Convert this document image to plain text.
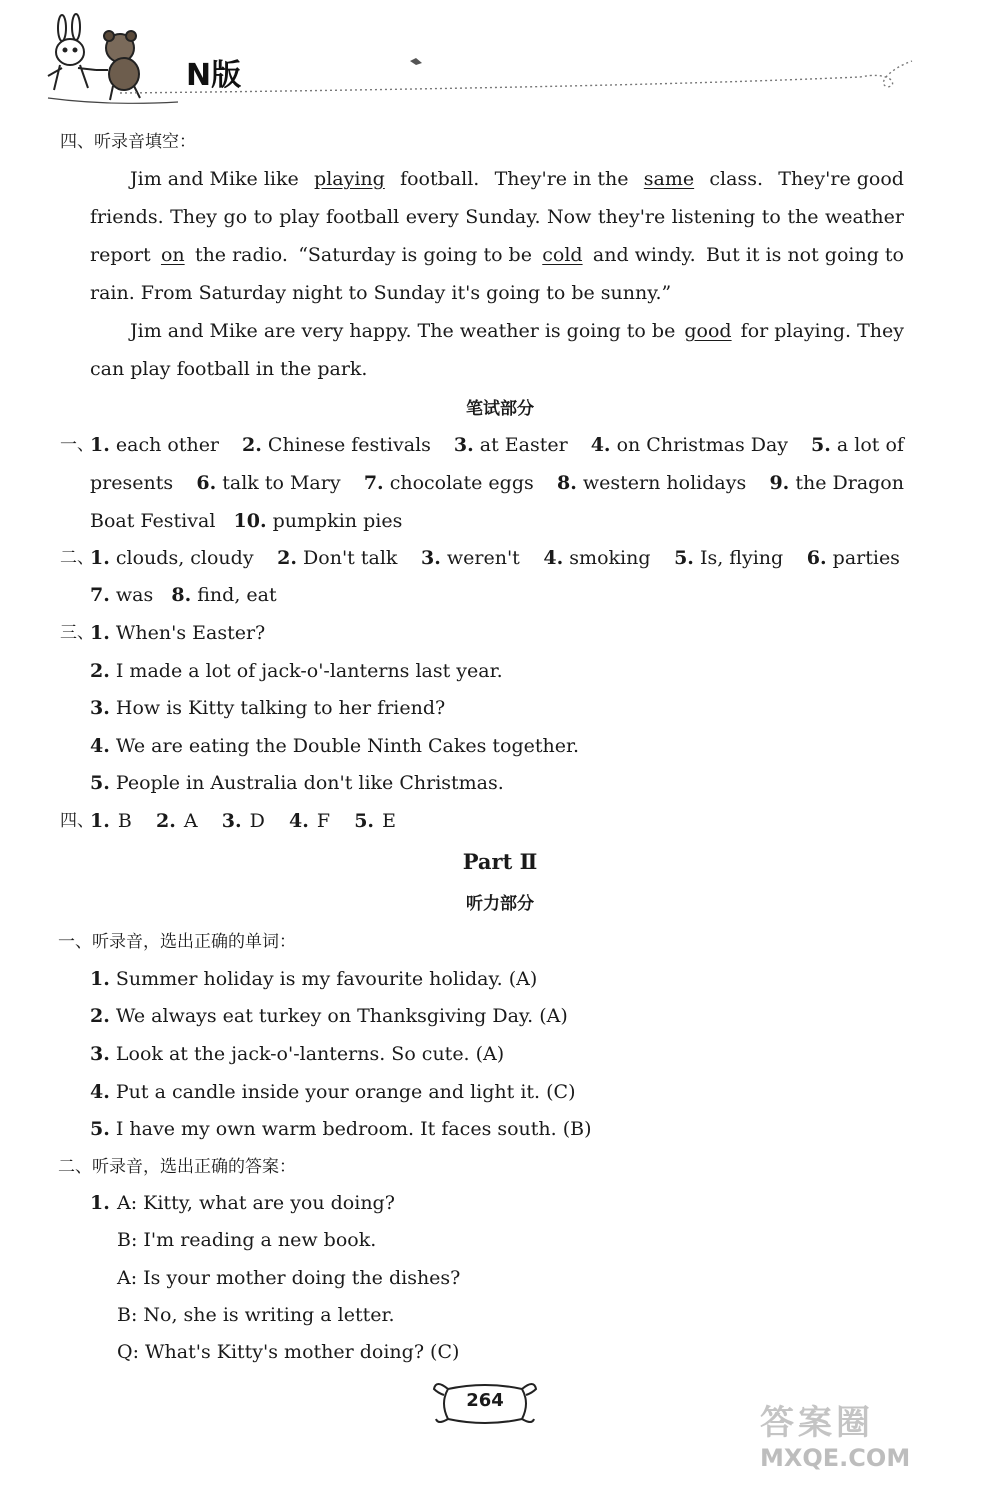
N版
四、听录音填空：
Jim and Mike like playing football. They're in the same class. They're good
friends. They go to play football every Sunday. Now they're listening to the weather
report on the radio. “Saturday is going to be cold and windy. But it is not going to
rain. From Saturday night to Sunday it's going to be sunny.”
Jim and Mike are very happy. The weather is going to be good for playing. They
can play football in the park.
笔试部分
一、
1. each other 2. Chinese festivals 3. at Easter 4. on Christmas Day 5. a lot of
presents 6. talk to Mary 7. chocolate eggs 8. western holidays 9. the Dragon
Boat Festival 10. pumpkin pies
二、
1. clouds, cloudy 2. Don't talk 3. weren't 4. smoking 5. Is, flying 6. parties
7. was 8. find, eat
三、
1. When's Easter?
2. I made a lot of jack-o'-lanterns last year.
3. How is Kitty talking to her friend?
4. We are eating the Double Ninth Cakes together.
5. People in Australia don't like Christmas.
四、
1. B 2. A 3. D 4. F 5. E
Part Ⅱ
听力部分
一、听录音，选出正确的单词：
1. Summer holiday is my favourite holiday. (A)
2. We always eat turkey on Thanksgiving Day. (A)
3. Look at the jack-o'-lanterns. So cute. (A)
4. Put a candle inside your orange and light it. (C)
5. I have my own warm bedroom. It faces south. (B)
二、听录音，选出正确的答案：
1. A: Kitty, what are you doing?
B: I'm reading a new book.
A: Is your mother doing the dishes?
B: No, she is writing a letter.
Q: What's Kitty's mother doing? (C)
264
答案圈
MXQE.COM
